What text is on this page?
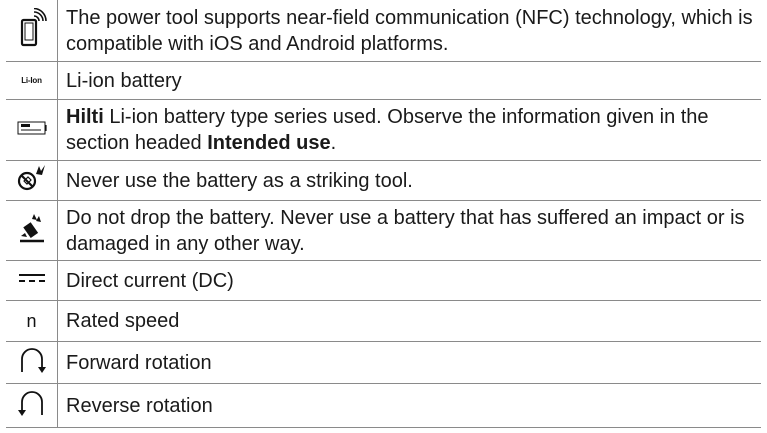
The power tool supports near-field communication (NFC) technology, which is compatible with iOS and Android platforms.
Li-Ion Li-ion battery
Hilti Li-ion battery type series used. Observe the information given in the section headed Intended use.
Never use the battery as a striking tool.
Do not drop the battery. Never use a battery that has suffered an impact or is damaged in any other way.
Direct current (DC)
n Rated speed
Forward rotation
Reverse rotation
